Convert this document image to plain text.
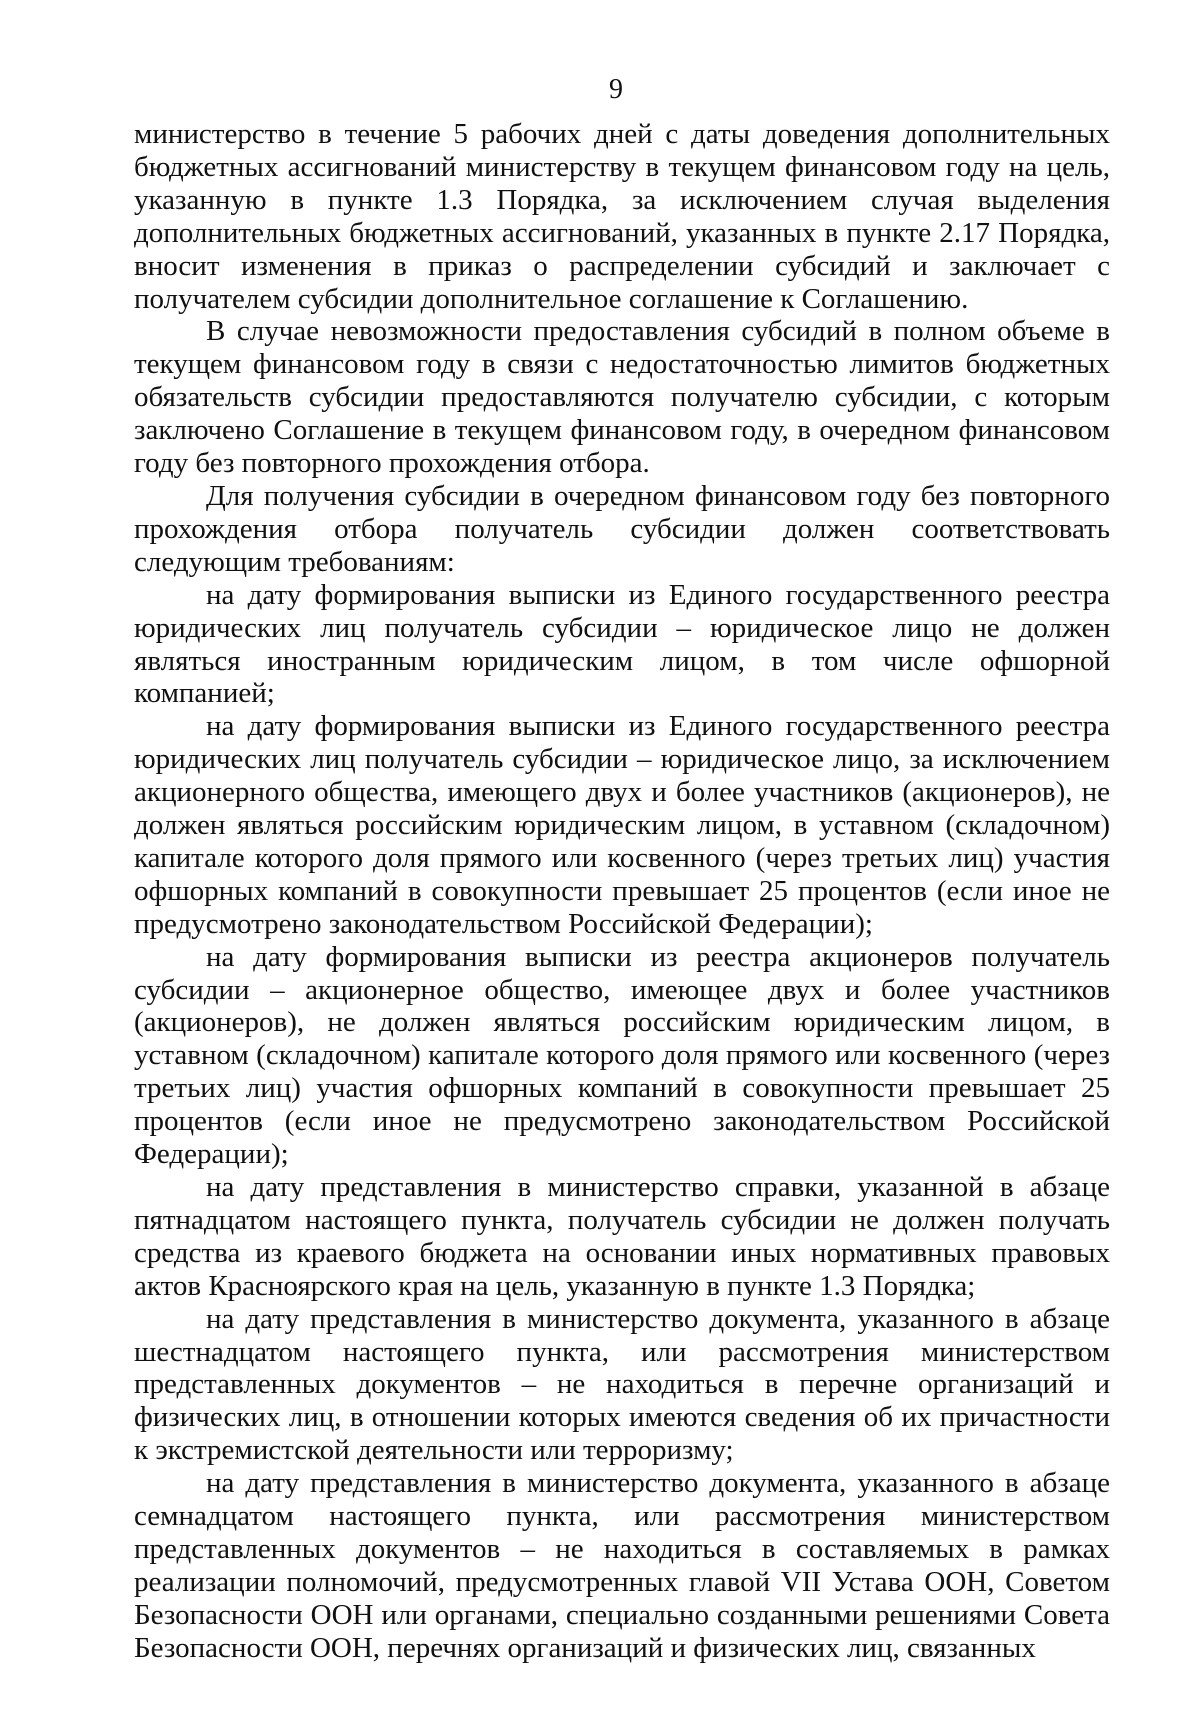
9

министерство в течение 5 рабочих дней с даты доведения дополнительных бюджетных ассигнований министерству в текущем финансовом году на цель, указанную в пункте 1.3 Порядка, за исключением случая выделения дополнительных бюджетных ассигнований, указанных в пункте 2.17 Порядка, вносит изменения в приказ о распределении субсидий и заключает с получателем субсидии дополнительное соглашение к Соглашению.

В случае невозможности предоставления субсидий в полном объеме в текущем финансовом году в связи с недостаточностью лимитов бюджетных обязательств субсидии предоставляются получателю субсидии, с которым заключено Соглашение в текущем финансовом году, в очередном финансовом году без повторного прохождения отбора.

Для получения субсидии в очередном финансовом году без повторного прохождения отбора получатель субсидии должен соответствовать следующим требованиям:

на дату формирования выписки из Единого государственного реестра юридических лиц получатель субсидии – юридическое лицо не должен являться иностранным юридическим лицом, в том числе офшорной компанией;

на дату формирования выписки из Единого государственного реестра юридических лиц получатель субсидии – юридическое лицо, за исключением акционерного общества, имеющего двух и более участников (акционеров), не должен являться российским юридическим лицом, в уставном (складочном) капитале которого доля прямого или косвенного (через третьих лиц) участия офшорных компаний в совокупности превышает 25 процентов (если иное не предусмотрено законодательством Российской Федерации);

на дату формирования выписки из реестра акционеров получатель субсидии – акционерное общество, имеющее двух и более участников (акционеров), не должен являться российским юридическим лицом, в уставном (складочном) капитале которого доля прямого или косвенного (через третьих лиц) участия офшорных компаний в совокупности превышает 25 процентов (если иное не предусмотрено законодательством Российской Федерации);

на дату представления в министерство справки, указанной в абзаце пятнадцатом настоящего пункта, получатель субсидии не должен получать средства из краевого бюджета на основании иных нормативных правовых актов Красноярского края на цель, указанную в пункте 1.3 Порядка;

на дату представления в министерство документа, указанного в абзаце шестнадцатом настоящего пункта, или рассмотрения министерством представленных документов – не находиться в перечне организаций и физических лиц, в отношении которых имеются сведения об их причастности к экстремистской деятельности или терроризму;

на дату представления в министерство документа, указанного в абзаце семнадцатом настоящего пункта, или рассмотрения министерством представленных документов – не находиться в составляемых в рамках реализации полномочий, предусмотренных главой VII Устава ООН, Советом Безопасности ООН или органами, специально созданными решениями Совета Безопасности ООН, перечнях организаций и физических лиц, связанных
